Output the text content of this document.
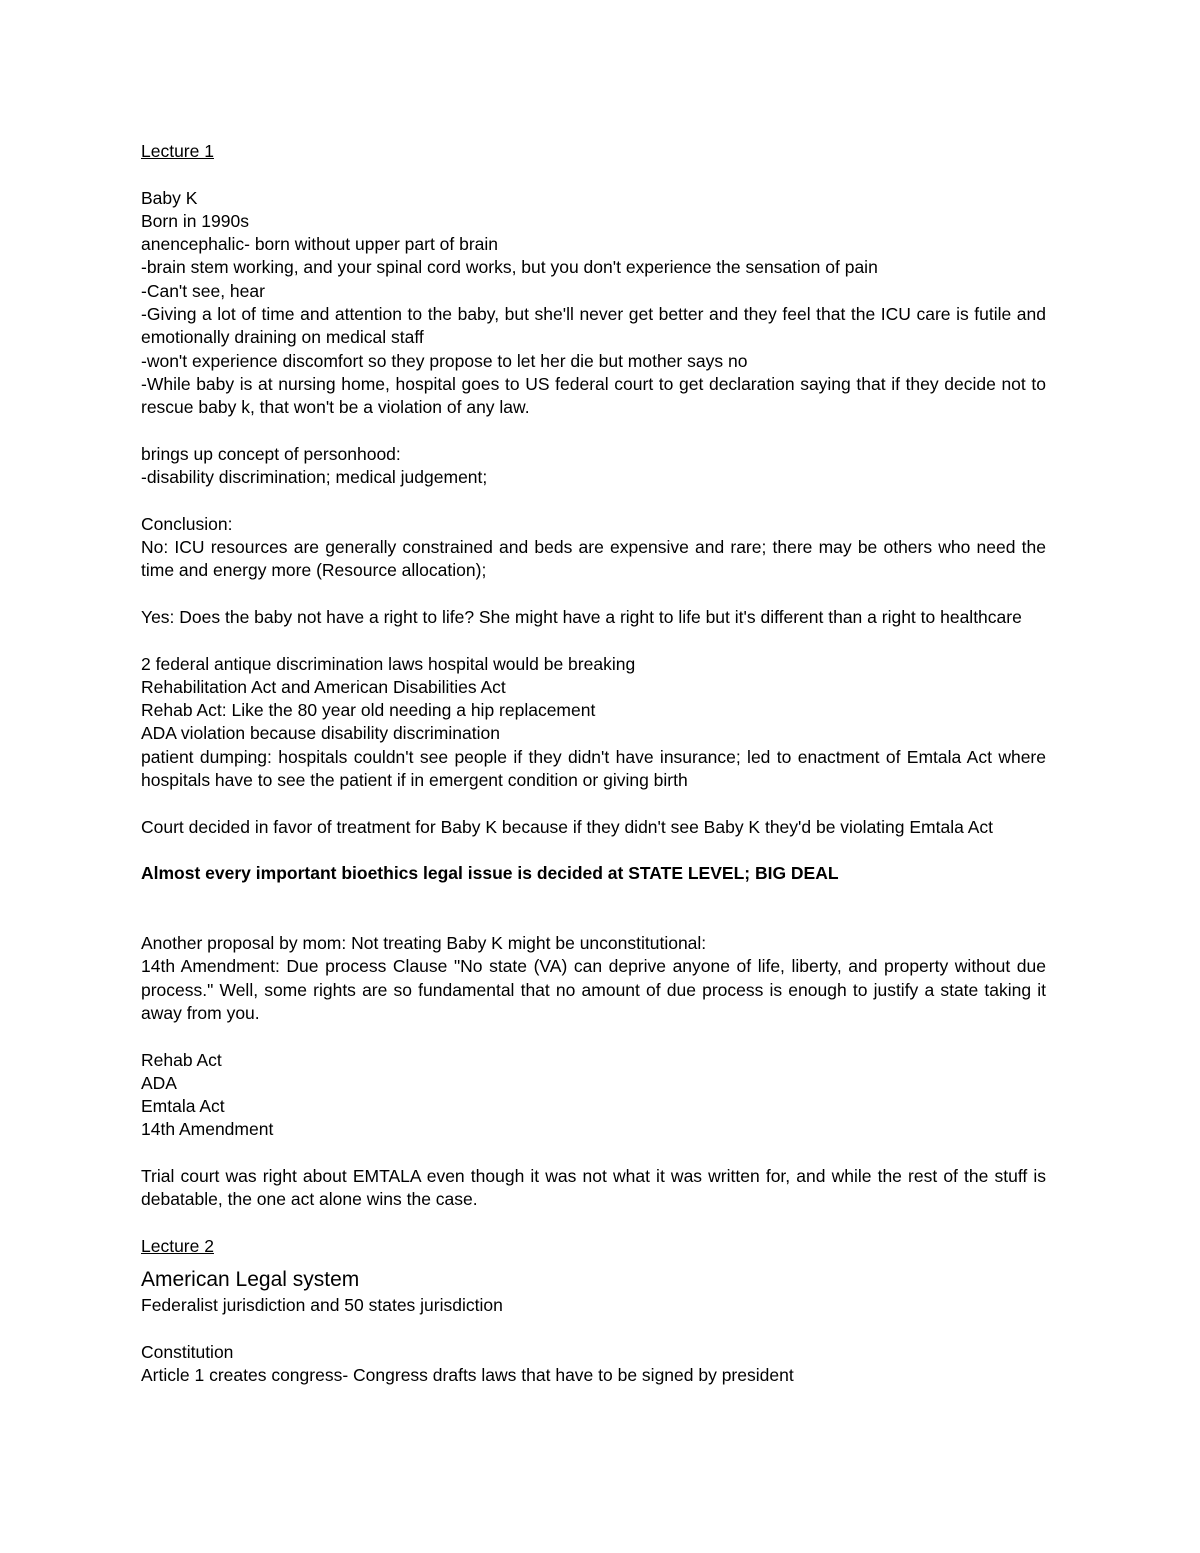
Lecture 1
Baby K
Born in 1990s
anencephalic- born without upper part of brain
-brain stem working, and your spinal cord works, but you don't experience the sensation of pain
-Can't see, hear
-Giving a lot of time and attention to the baby, but she'll never get better and they feel that the ICU care is futile and emotionally draining on medical staff
-won't experience discomfort so they propose to let her die but mother says no
-While baby is at nursing home, hospital goes to US federal court to get declaration saying that if they decide not to rescue baby k, that won't be a violation of any law.
brings up concept of personhood:
-disability discrimination; medical judgement;
Conclusion:
No: ICU resources are generally constrained and beds are expensive and rare; there may be others who need the time and energy more (Resource allocation);
Yes: Does the baby not have a right to life? She might have a right to life but it's different than a right to healthcare
2 federal antique discrimination laws hospital would be breaking
Rehabilitation Act and American Disabilities Act
Rehab Act: Like the 80 year old needing a hip replacement
ADA violation because disability discrimination
patient dumping: hospitals couldn't see people if they didn't have insurance; led to enactment of Emtala Act where hospitals have to see the patient if in emergent condition or giving birth
Court decided in favor of treatment for Baby K because if they didn't see Baby K they'd be violating Emtala Act
Almost every important bioethics legal issue is decided at STATE LEVEL; BIG DEAL
Another proposal by mom: Not treating Baby K might be unconstitutional:
14th Amendment: Due process Clause "No state (VA) can deprive anyone of life, liberty, and property without due process." Well, some rights are so fundamental that no amount of due process is enough to justify a state taking it away from you.
Rehab Act
ADA
Emtala Act
14th Amendment
Trial court was right about EMTALA even though it was not what it was written for, and while the rest of the stuff is debatable, the one act alone wins the case.
Lecture 2
American Legal system
Federalist jurisdiction and 50 states jurisdiction
Constitution
Article 1 creates congress- Congress drafts laws that have to be signed by president
